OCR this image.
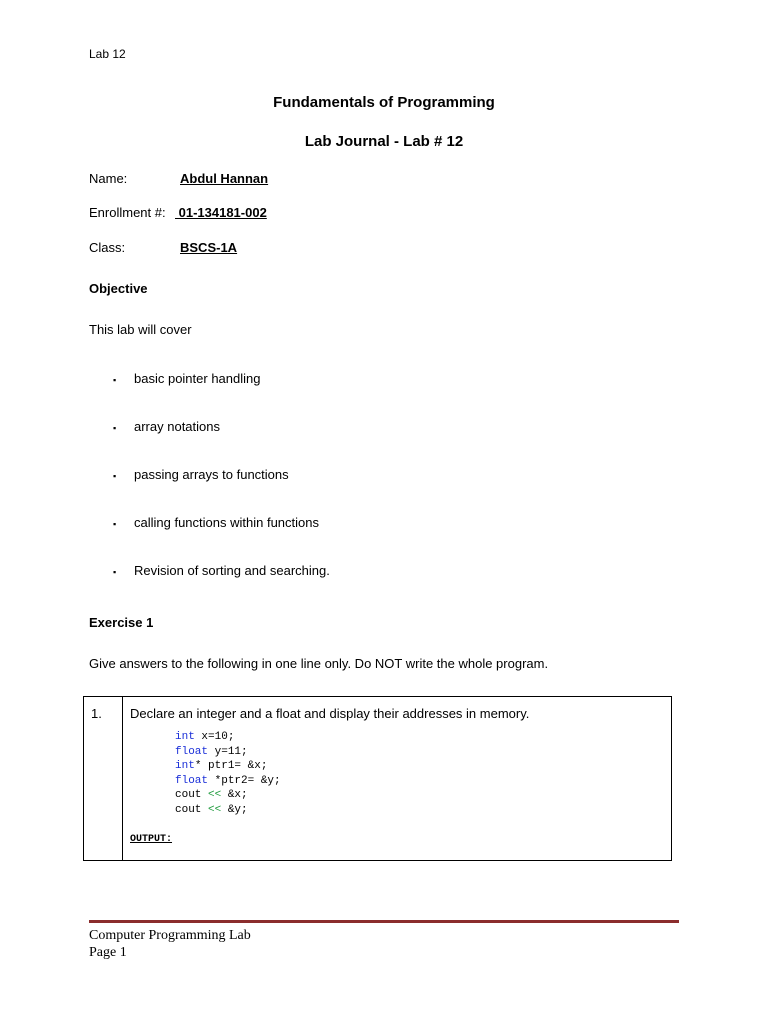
Lab 12
Fundamentals of Programming
Lab Journal - Lab # 12
Name:	Abdul Hannan
Enrollment #: 01-134181-002
Class:	BSCS-1A
Objective
This lab will cover
▪ basic pointer handling
▪ array notations
▪ passing arrays to functions
▪ calling functions within functions
▪ Revision of sorting and searching.
Exercise 1
Give answers to the following in one line only. Do NOT write the whole program.
1. Declare an integer and a float and display their addresses in memory.
int x=10;
float y=11;
int* ptr1= &x;
float *ptr2= &y;
cout << &x;
cout << &y;
OUTPUT:
Computer Programming Lab
Page 1
